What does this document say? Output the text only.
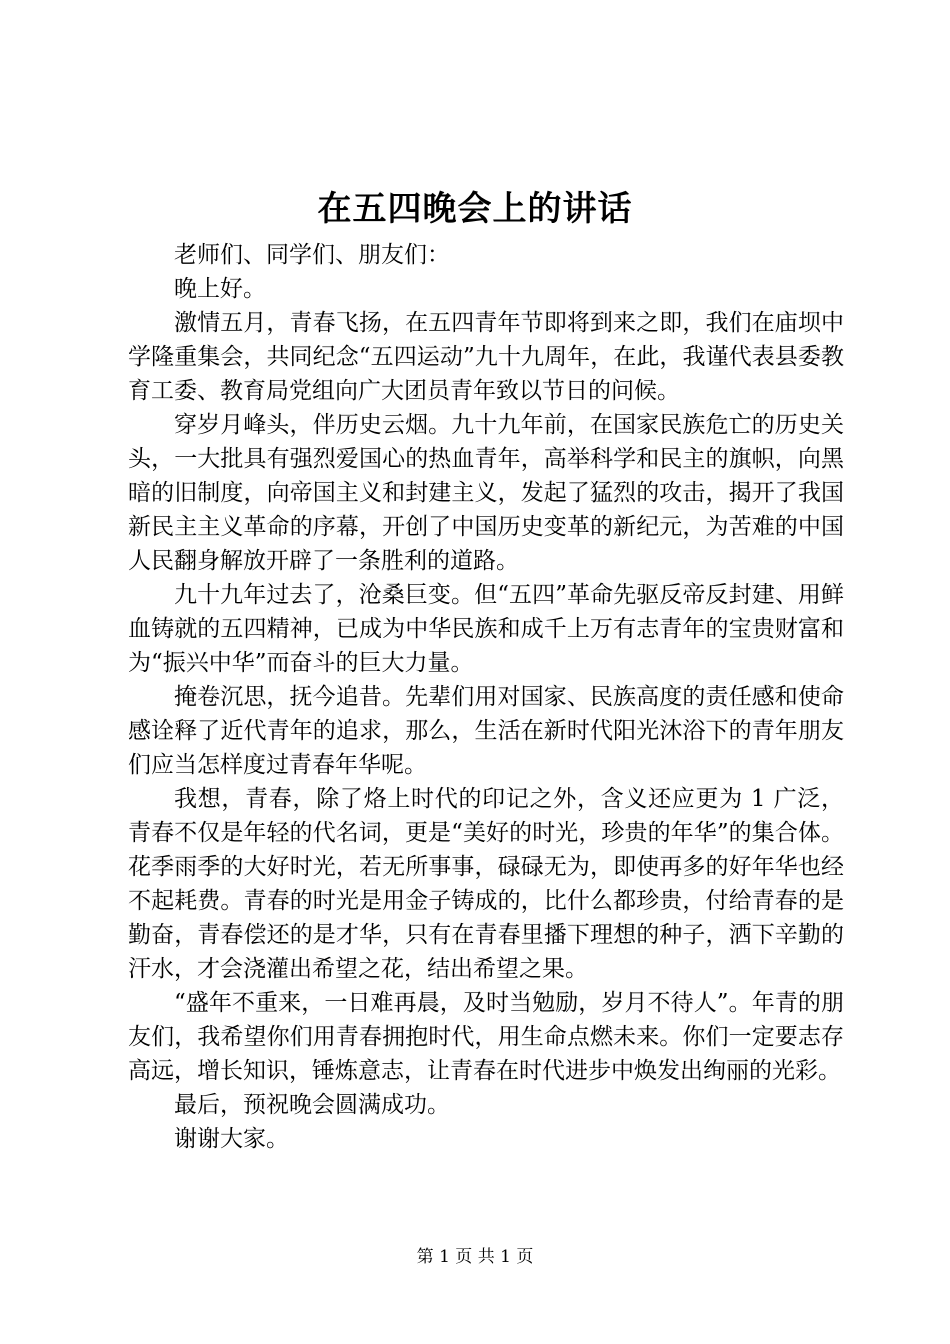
在五四晚会上的讲话

老师们、同学们、朋友们：

晚上好。

激情五月，青春飞扬，在五四青年节即将到来之即，我们在庙坝中学隆重集会，共同纪念“五四运动”九十九周年，在此，我谨代表县委教育工委、教育局党组向广大团员青年致以节日的问候。

穿岁月峰头，伴历史云烟。九十九年前，在国家民族危亡的历史关头，一大批具有强烈爱国心的热血青年，高举科学和民主的旗帜，向黑暗的旧制度，向帝国主义和封建主义，发起了猛烈的攻击，揭开了我国新民主主义革命的序幕，开创了中国历史变革的新纪元，为苦难的中国人民翻身解放开辟了一条胜利的道路。

九十九年过去了，沧桑巨变。但“五四”革命先驱反帝反封建、用鲜血铸就的五四精神，已成为中华民族和成千上万有志青年的宝贵财富和为“振兴中华”而奋斗的巨大力量。

掩卷沉思，抚今追昔。先辈们用对国家、民族高度的责任感和使命感诠释了近代青年的追求，那么，生活在新时代阳光沐浴下的青年朋友们应当怎样度过青春年华呢。

我想，青春，除了烙上时代的印记之外，含义还应更为 1 广泛，青春不仅是年轻的代名词，更是“美好的时光，珍贵的年华”的集合体。花季雨季的大好时光，若无所事事，碌碌无为，即使再多的好年华也经不起耗费。青春的时光是用金子铸成的，比什么都珍贵，付给青春的是勤奋，青春偿还的是才华，只有在青春里播下理想的种子，洒下辛勤的汗水，才会浇灌出希望之花，结出希望之果。

“盛年不重来，一日难再晨，及时当勉励，岁月不待人”。年青的朋友们，我希望你们用青春拥抱时代，用生命点燃未来。你们一定要志存高远，增长知识，锤炼意志，让青春在时代进步中焕发出绚丽的光彩。

最后，预祝晚会圆满成功。

谢谢大家。

第 1 页 共 1 页
